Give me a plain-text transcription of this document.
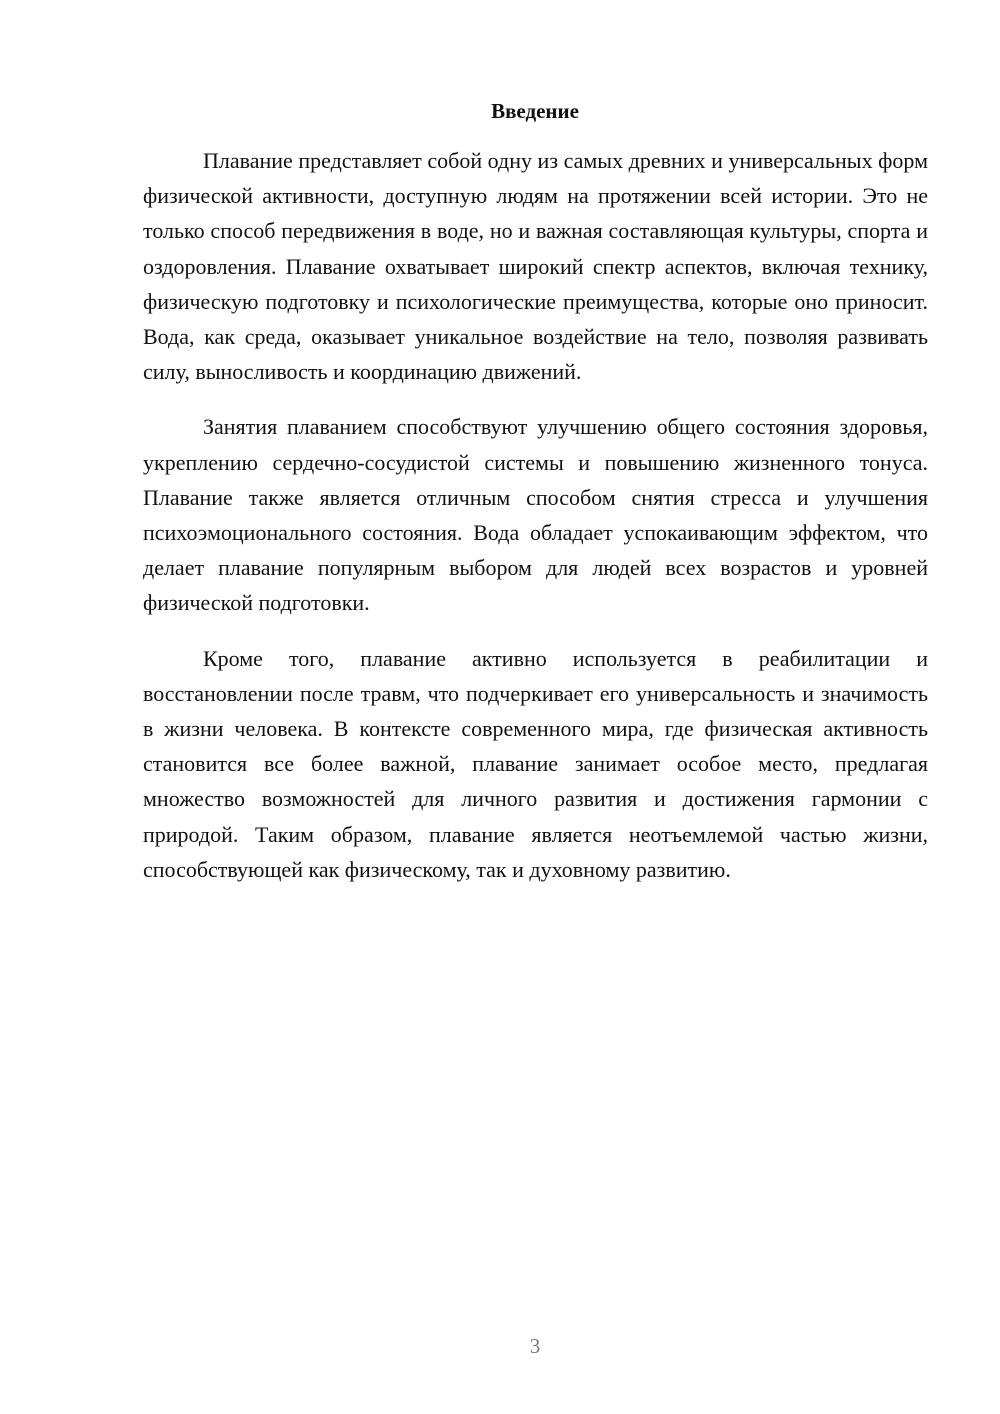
Введение

Плавание представляет собой одну из самых древних и универсальных форм физической активности, доступную людям на протяжении всей истории. Это не только способ передвижения в воде, но и важная составляющая культуры, спорта и оздоровления. Плавание охватывает широкий спектр аспектов, включая технику, физическую подготовку и психологические преимущества, которые оно приносит. Вода, как среда, оказывает уникальное воздействие на тело, позволяя развивать силу, выносливость и координацию движений.

Занятия плаванием способствуют улучшению общего состояния здоровья, укреплению сердечно-сосудистой системы и повышению жизненного тонуса. Плавание также является отличным способом снятия стресса и улучшения психоэмоционального состояния. Вода обладает успокаивающим эффектом, что делает плавание популярным выбором для людей всех возрастов и уровней физической подготовки.

Кроме того, плавание активно используется в реабилитации и восстановлении после травм, что подчеркивает его универсальность и значимость в жизни человека. В контексте современного мира, где физическая активность становится все более важной, плавание занимает особое место, предлагая множество возможностей для личного развития и достижения гармонии с природой. Таким образом, плавание является неотъемлемой частью жизни, способствующей как физическому, так и духовному развитию.

3
